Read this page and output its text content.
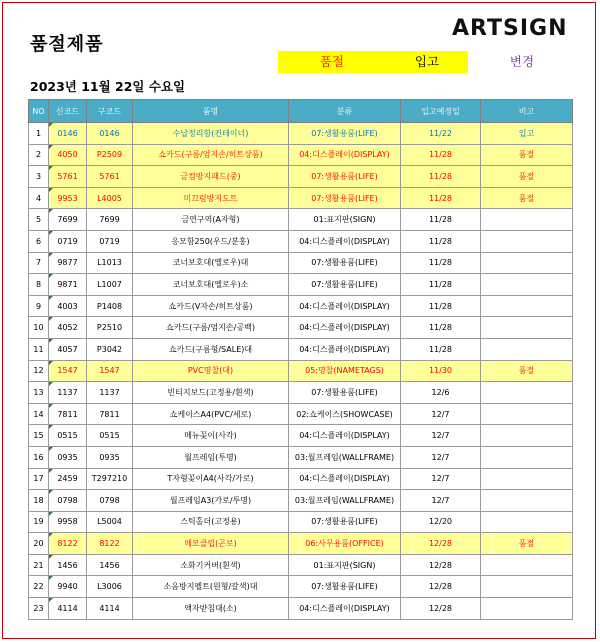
품절제품
ARTSIGN
품절	입고	변경
2023년 11월 22일 수요일
NO	신코드	구코드	품명	분류	입고예정일	비고
1	0146	0146	수납정리함(컨테이너)	07:생활용품(LIFE)	11/22	입고
2	4050	P2509	쇼카드(구름/엄지손/히트상품)	04:디스플레이(DISPLAY)	11/28	품절
3	5761	5761	금컴방지패드(중)	07:생활용품(LIFE)	11/28	품절
4	9953	L4005	미끄럼방지도트	07:생활용품(LIFE)	11/28	품절
5	7699	7699	금연구역(A자형)	01:표지판(SIGN)	11/28	
6	0719	0719	응모함250(우드/분홍)	04:디스플레이(DISPLAY)	11/28	
7	9877	L1013	코너보호대(옐로우)대	07:생활용품(LIFE)	11/28	
8	9871	L1007	코너보호대(옐로우)소	07:생활용품(LIFE)	11/28	
9	4003	P1408	쇼카드(V자손/히트상품)	04:디스플레이(DISPLAY)	11/28	
10	4052	P2510	쇼카드(구름/엄지손/공백)	04:디스플레이(DISPLAY)	11/28	
11	4057	P3042	쇼카드(구름형/SALE)대	04:디스플레이(DISPLAY)	11/28	
12	1547	1547	PVC명찰(대)	05:명찰(NAMETAGS)	11/30	품절
13	1137	1137	빈티지보드(고정용/흰색)	07:생활용품(LIFE)	12/6	
14	7811	7811	쇼케이스A4(PVC/세로)	02:쇼케이스(SHOWCASE)	12/7	
15	0515	0515	메뉴꽂이(사각)	04:디스플레이(DISPLAY)	12/7	
16	0935	0935	월프레임(투명)	03:월프레임(WALLFRAME)	12/7	
17	2459	T297210	T자형꽂이A4(사각/가로)	04:디스플레이(DISPLAY)	12/7	
18	0798	0798	월프레임A3(가로/투명)	03:월프레임(WALLFRAME)	12/7	
19	9958	L5004	스틱홀더(고정용)	07:생활용품(LIFE)	12/20	
20	8122	8122	메모클립(곤로)	06:사무용품(OFFICE)	12/28	품절
21	1456	1456	소화기커버(흰색)	01:표지판(SIGN)	12/28	
22	9940	L3006	소음방지펠트(원형/갈색)대	07:생활용품(LIFE)	12/28	
23	4114	4114	액자받침대(소)	04:디스플레이(DISPLAY)	12/28	
